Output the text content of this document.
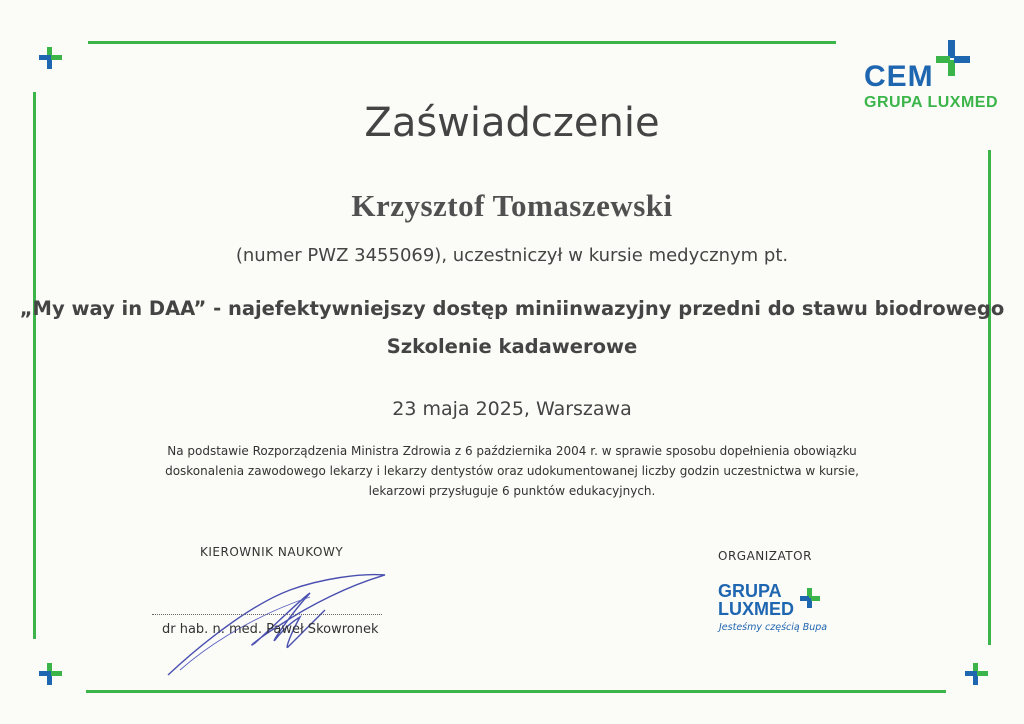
CEM
GRUPA LUXMED
Zaświadczenie
Krzysztof Tomaszewski
(numer PWZ 3455069), uczestniczył w kursie medycznym pt.
„My way in DAA” - najefektywniejszy dostęp miniinwazyjny przedni do stawu biodrowego
Szkolenie kadawerowe
23 maja 2025, Warszawa
Na podstawie Rozporządzenia Ministra Zdrowia z 6 października 2004 r. w sprawie sposobu dopełnienia obowiązku
doskonalenia zawodowego lekarzy i lekarzy dentystów oraz udokumentowanej liczby godzin uczestnictwa w kursie,
lekarzowi przysługuje 6 punktów edukacyjnych.
KIEROWNIK NAUKOWY
dr hab. n. med. Paweł Skowronek
ORGANIZATOR
GRUPA
LUXMED
Jesteśmy częścią Bupa
